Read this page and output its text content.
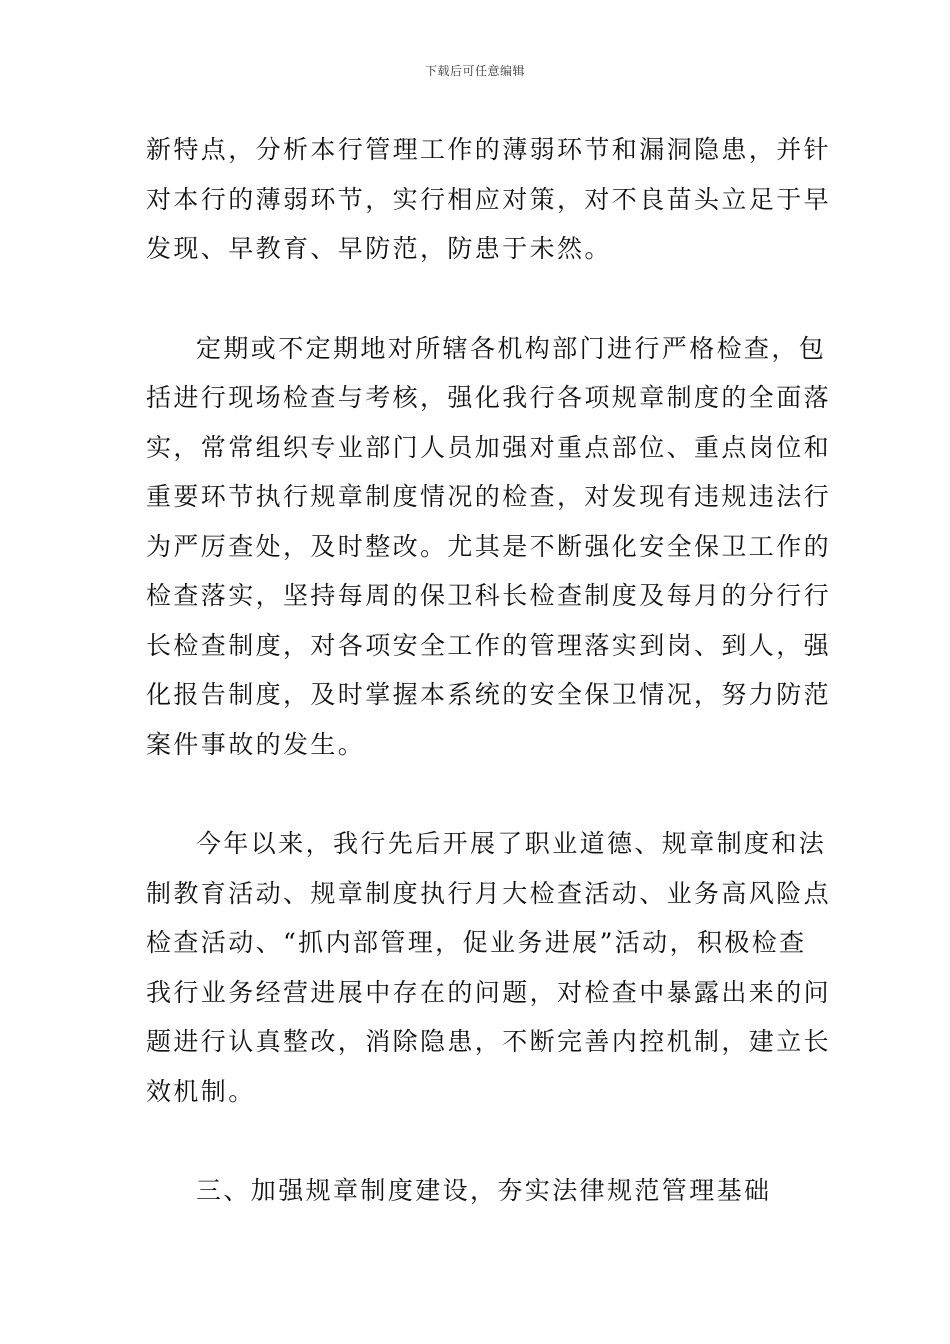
下载后可任意编辑
新特点，分析本行管理工作的薄弱环节和漏洞隐患，并针
对本行的薄弱环节，实行相应对策，对不良苗头立足于早
发现、早教育、早防范，防患于未然。
定期或不定期地对所辖各机构部门进行严格检查，包
括进行现场检查与考核，强化我行各项规章制度的全面落
实，常常组织专业部门人员加强对重点部位、重点岗位和
重要环节执行规章制度情况的检查，对发现有违规违法行
为严厉查处，及时整改。尤其是不断强化安全保卫工作的
检查落实，坚持每周的保卫科长检查制度及每月的分行行
长检查制度，对各项安全工作的管理落实到岗、到人，强
化报告制度，及时掌握本系统的安全保卫情况，努力防范
案件事故的发生。
今年以来，我行先后开展了职业道德、规章制度和法
制教育活动、规章制度执行月大检查活动、业务高风险点
检查活动、“抓内部管理，促业务进展”活动，积极检查
我行业务经营进展中存在的问题，对检查中暴露出来的问
题进行认真整改，消除隐患，不断完善内控机制，建立长
效机制。
三、加强规章制度建设，夯实法律规范管理基础
